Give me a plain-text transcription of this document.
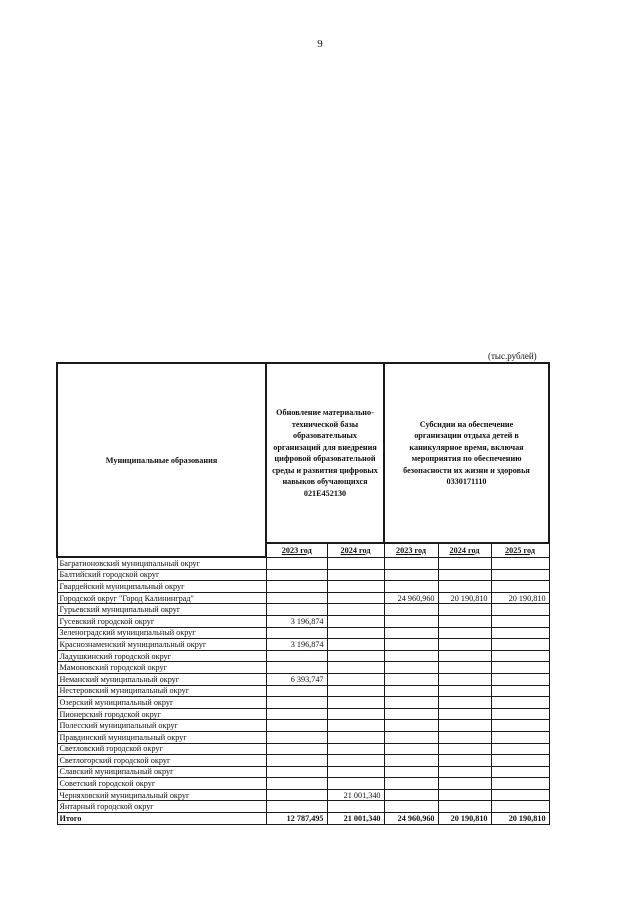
9
(тыс.рублей)
Муниципальные образования	Обновление материально-технической базы образовательных организаций для внедрения цифровой образовательной среды и развития цифровых навыков обучающихся 021Е452130		Субсидии на обеспечение организации отдыха детей в каникулярное время, включая мероприятия по обеспечению безопасности их жизни и здоровья 0330171110		
	2023 год	2024 год	2023 год	2024 год	2025 год
Багратионовский муниципальный округ					
Балтийский городской округ					
Гвардейский муниципальный округ					
Городской округ "Город Калининград"			24 960,960	20 190,810	20 190,810
Гурьевский муниципальный округ					
Гусевский городской округ	3 196,874				
Зеленоградский муниципальный округ					
Краснознаменский муниципальный округ	3 196,874				
Ладушкинский городской округ					
Мамоновский городской округ					
Неманский муниципальный округ	6 393,747				
Нестеровский муниципальный округ					
Озерский муниципальный округ					
Пионерский городской округ					
Полесский муниципальный округ					
Правдинский муниципальный округ					
Светловский городской округ					
Светлогорский городской округ					
Славский муниципальный округ					
Советский городской округ					
Черняховский муниципальный округ		21 001,340			
Янтарный городской округ					
Итого	12 787,495	21 001,340	24 960,960	20 190,810	20 190,810
